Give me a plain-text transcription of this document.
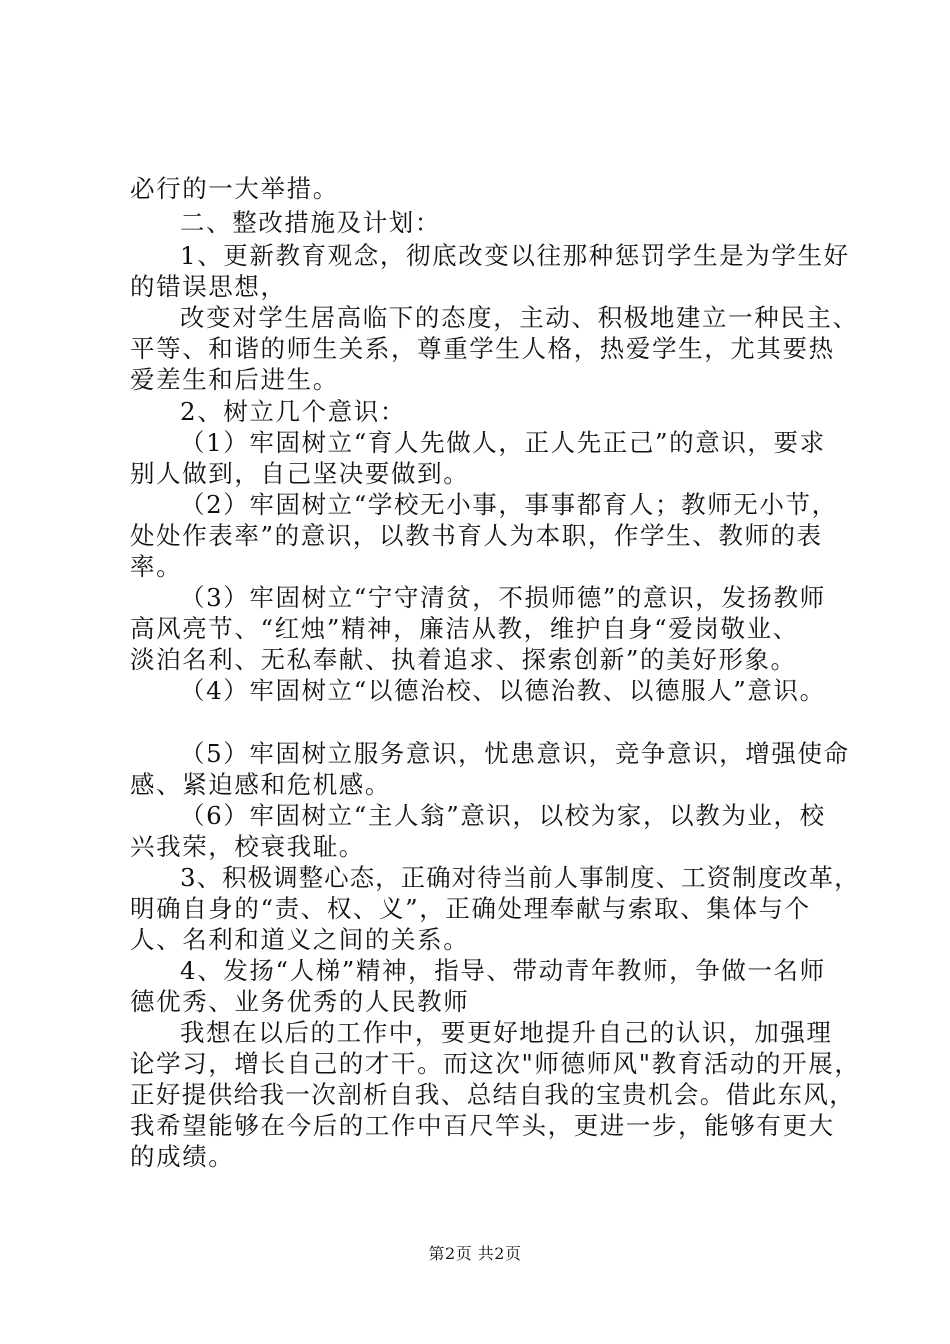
必行的一大举措。
二、整改措施及计划：
1、更新教育观念，彻底改变以往那种惩罚学生是为学生好
的错误思想，
改变对学生居高临下的态度，主动、积极地建立一种民主、
平等、和谐的师生关系，尊重学生人格，热爱学生，尤其要热
爱差生和后进生。
2、树立几个意识：
（1）牢固树立“育人先做人，正人先正己”的意识，要求
别人做到，自己坚决要做到。
（2）牢固树立“学校无小事，事事都育人；教师无小节，
处处作表率”的意识，以教书育人为本职，作学生、教师的表
率。
（3）牢固树立“宁守清贫，不损师德”的意识，发扬教师
高风亮节、“红烛”精神，廉洁从教，维护自身“爱岗敬业、
淡泊名利、无私奉献、执着追求、探索创新”的美好形象。
（4）牢固树立“以德治校、以德治教、以德服人”意识。
（5）牢固树立服务意识，忧患意识，竞争意识，增强使命
感、紧迫感和危机感。
（6）牢固树立“主人翁”意识，以校为家，以教为业，校
兴我荣，校衰我耻。
3、积极调整心态，正确对待当前人事制度、工资制度改革，
明确自身的“责、权、义”，正确处理奉献与索取、集体与个
人、名利和道义之间的关系。
4、发扬“人梯”精神，指导、带动青年教师，争做一名师
德优秀、业务优秀的人民教师
我想在以后的工作中，要更好地提升自己的认识，加强理
论学习，增长自己的才干。而这次"师德师风"教育活动的开展，
正好提供给我一次剖析自我、总结自我的宝贵机会。借此东风，
我希望能够在今后的工作中百尺竿头，更进一步，能够有更大
的成绩。
第2页 共2页
